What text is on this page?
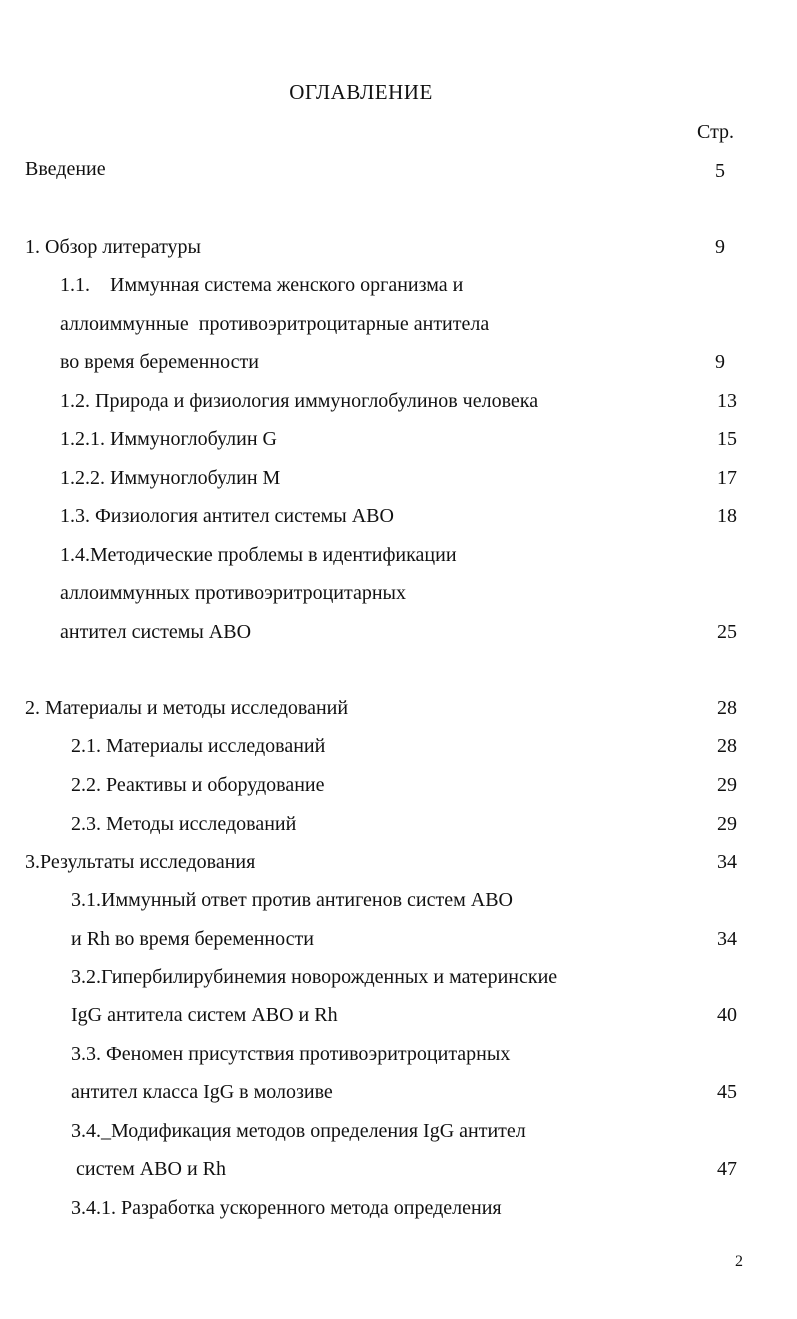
ОГЛАВЛЕНИЕ
Стр.
Введение	5
1. Обзор литературы	9
1.1.    Иммунная система женского организма и
аллоиммунные  противоэритроцитарные антитела
во время беременности	9
1.2. Природа и физиология иммуноглобулинов человека	13
1.2.1. Иммуноглобулин G	15
1.2.2. Иммуноглобулин М	17
1.3. Физиология антител системы АВО	18
1.4.Методические проблемы в идентификации
аллоиммунных противоэритроцитарных
антител системы АВО	25
2. Материалы и методы исследований	28
2.1. Материалы исследований	28
2.2. Реактивы и оборудование	29
2.3. Методы исследований	29
3.Результаты исследования	34
3.1.Иммунный ответ против антигенов систем АВО
и Rh во время беременности	34
3.2.Гипербилирубинемия новорожденных и материнские
IgG антитела систем АВО и Rh	40
3.3. Феномен присутствия противоэритроцитарных
антител класса IgG в молозиве	45
3.4._Модификация методов определения IgG антител
систем АВО и Rh	47
3.4.1. Разработка ускоренного метода определения
2
